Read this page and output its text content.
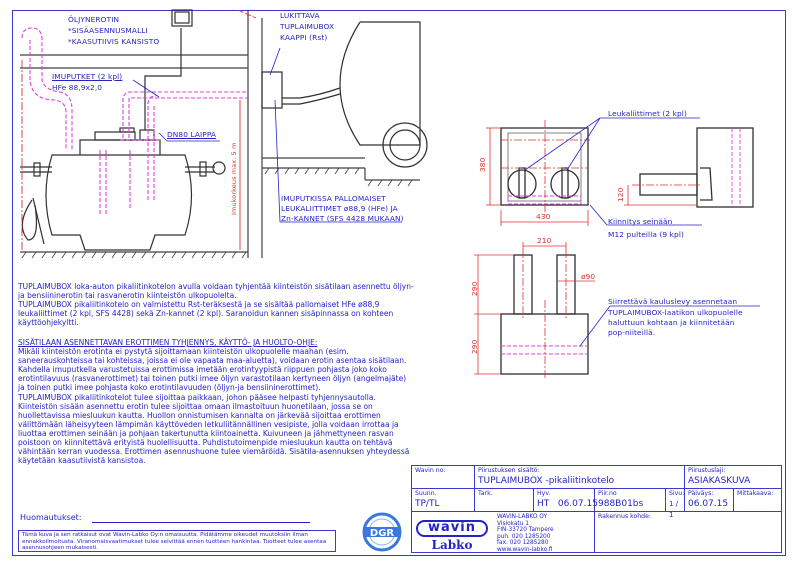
ÖLJYNEROTIN
*SISÄASENNUSMALLI
*KAASUTIIVIS KANSISTO
IMUPUTKET (2 kpl)
HFe 88,9x2,0
DN80 LAIPPA
Imukorkeus max. 5 m
LUKITTAVA
TUPLAIMUBOX
KAAPPI (Rst)
IMUPUTKISSA PALLOMAISET
LEUKALIITTIMET ø88,9 (HFe) JA
Zn-KANNET (SFS 4428 MUKAAN)
Leukaliittimet (2 kpl)
Kiinnitys seinään
M12 pulteilla (9 kpl)
Siirrettävä kauluslevy asennetaan
TUPLAIMUBOX-laatikon ulkopuolelle
haluttuun kohtaan ja kiinnitetään
pop-niiteillä.
380
430
120
210
ø90
290
290

TUPLAIMUBOX loka-auton pikaliitinkotelon avulla voidaan tyhjentää kiinteistön sisätilaan asennettu öljyn- ja bensiininerotin tai rasvanerotin kiinteistön ulkopuolelta.

TUPLAIMUBOX pikaliitinkotelo on valmistettu Rst-teräksestä ja se sisältää pallomaiset HFe ø88,9 leukaliittimet (2 kpl, SFS 4428) sekä Zn-kannet (2 kpl). Saranoidun kannen sisäpinnassa on kohteen käyttöohjekyltti.

SISÄTILAAN ASENNETTAVAN EROTTIMEN TYHJENNYS, KÄYTTÖ- JA HUOLTO-OHJE:

Mikäli kiinteistön erotinta ei pystytä sijoittamaan kiinteistön ulkopuolelle maahan (esim. saneerauskohteissa tai kohteissa, joissa ei ole vapaata maa-aluetta), voidaan erotin asentaa sisätilaan. Kahdella imuputkella varustetuissa erottimissa imetään erotintyypistä riippuen pohjasta joko koko erotintilavuus (rasvanerottimet) tai toinen putki imee öljyn varastotilaan kertyneen öljyn (angelmajäte) ja toinen putki imee pohjasta koko erotintilavuuden (öljyn-ja bensiininerottimet).

TUPLAIMUBOX pikaliitinkotelot tulee sijoittaa paikkaan, johon pääsee helpasti tyhjennysautolla.

Kiinteistön sisään asennettu erotin tulee sijoittaa omaan ilmastoituun huonetilaan, jossa se on huollettavissa miesluukun kautta. Huollon onnistumisen kannalta on järkevää sijoittaa erottimen välittömään läheisyyteen lämpimän käyttöveden letkuliitännällinen vesipiste, jolla voidaan irrottaa ja liuottaa erottimen seinään ja pohjaan takertunutta kiintoainetta. Kuivuneen ja jähmettyneen rasvan poistoon on kiinnitettävä erityistä huolellisuutta. Puhdistutoimenpide miesluukun kautta on tehtävä vähintään kerran vuodessa. Erottimen asennushuone tulee viemäröidä. Sisätila-asennuksen yhteydessä käytetään kaasutiivistä kansistoa.

Huomautukset:
Tämä kuva ja sen ratkaisut ovat Wavin-Labko Oy:n omaisuutta. Pidätämme oikeudet muutoksiin ilman ennakkoilmoitusta. Viranomaisvaatimukset tulee selvittää ennen tuotteen hankintaa. Tuotteet tulee asentaa asennusohjeen mukaisesti.
DGR
Wavin no:	Piirustuksen sisältö:
TUPLAIMUBOX -pikaliitinkotelo
Piirustuslaji:
ASIAKASKUVA
Suunn.
TP/TL
Tark.	Hyv.
HT   06.07.15
Piir.no
988B01bs
Sivu:
1 / 1
Päiväys:
06.07.15
Mittakaava:
Rakennus kohde:
wavin
Labko
WAVIN-LABKO OY
Visiokatu 1
FIN-33720 Tampere
puh. 020 1285200
fax. 020 1285280
www.wavin-labko.fi
